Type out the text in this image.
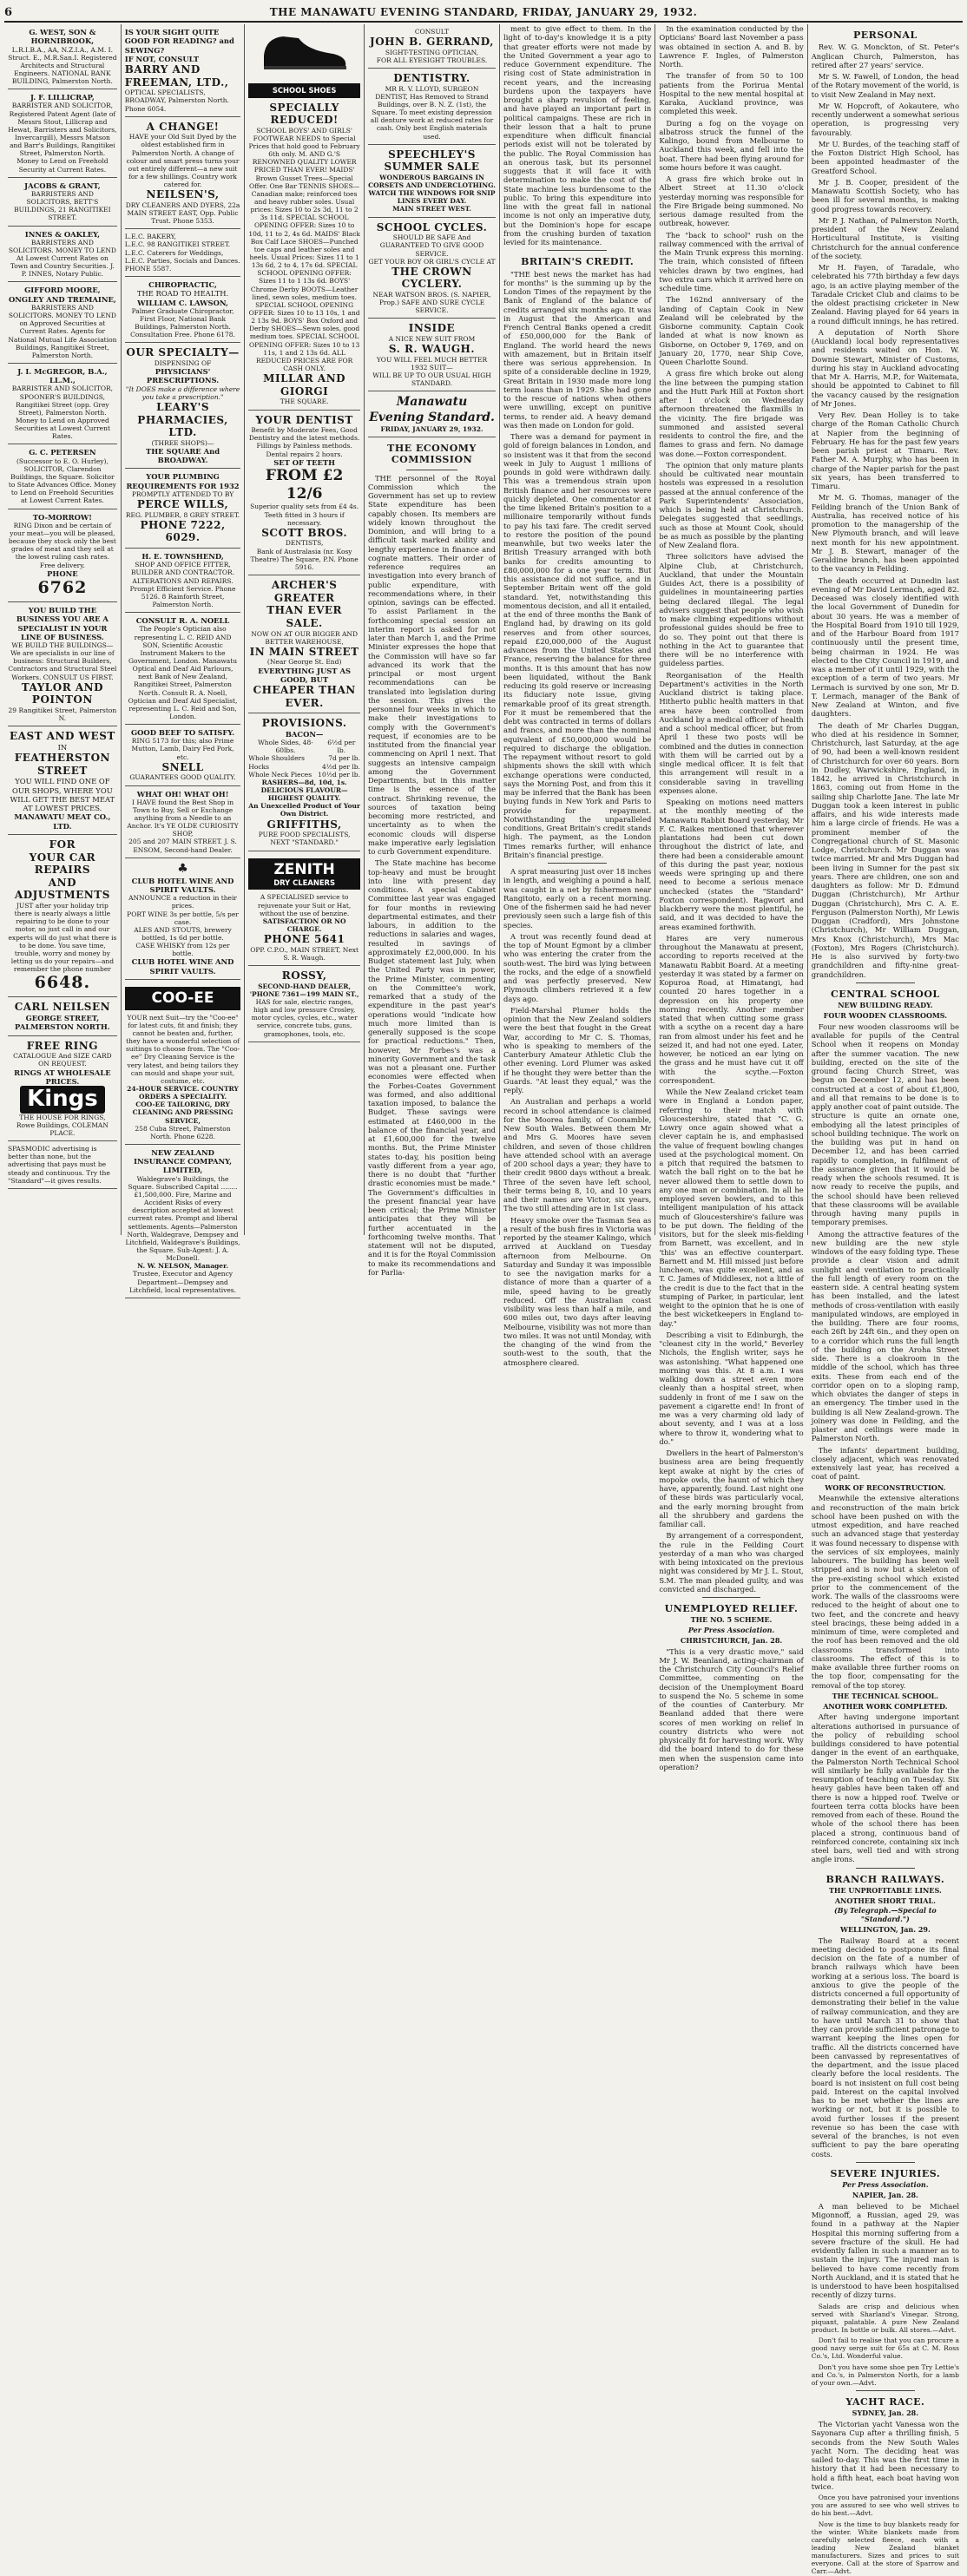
6	THE MANAWATU EVENING STANDARD, FRIDAY, JANUARY 29, 1932.
G. WEST, SON & HORNIBROOK,
L.R.I.B.A., AA, N.Z.I.A., A.M. I. Struct. E., M.R.San.I. Registered Architects and Structural Engineers. NATIONAL BANK BUILDING, Palmerston North.
J. F. LILLICRAP,
BARRISTER AND SOLICITOR, Registered Patent Agent (late of Messrs Stout, Lillicrap and Hewat, Barristers and Solicitors, Invercargill), Messrs Matson and Barr's Buildings, Rangitikei Street, Palmerston North. Money to Lend on Freehold Security at Current Rates.
JACOBS & GRANT,
BARRISTERS AND SOLICITORS, BETT'S BUILDINGS, 21 RANGITIKEI STREET.
INNES & OAKLEY,
BARRISTERS AND SOLICITORS. MONEY TO LEND At Lowest Current Rates on Town and Country Securities. J. P. INNES, Notary Public.
GIFFORD MOORE, ONGLEY AND TREMAINE,
BARRISTERS AND SOLICITORS. MONEY TO LEND on Approved Securities at Current Rates. Agents for National Mutual Life Association Buildings, Rangitikei Street, Palmerston North.
J. I. McGREGOR, B.A., LL.M.,
BARRISTER AND SOLICITOR, SPOONER'S BUILDINGS, Rangitikei Street (opp. Grey Street), Palmerston North. Money to Lend on Approved Securities at Lowest Current Rates.
G. C. PETERSEN
(Successor to E. O. Hurley), SOLICITOR, Clarendon Buildings, the Square. Solicitor to State Advances Office. Money to Lend on Freehold Securities at Lowest Current Rates.
TO-MORROW!
RING Dixon and be certain of your meat—you will be pleased, because they stock only the best grades of meat and they sell at the lowest ruling cash rates. Free delivery.
PHONE
6762
YOU BUILD THE BUSINESS YOU ARE A SPECIALIST IN YOUR LINE OF BUSINESS.
WE BUILD THE BUILDINGS—We are specialists in our line of business: Structural Builders, Contractors and Structural Steel Workers. CONSULT US FIRST.
TAYLOR AND POINTON
29 Rangitikei Street, Palmerston N.
EAST AND WEST
IN
FEATHERSTON STREET
YOU WILL FIND ONE OF OUR SHOPS, WHERE YOU WILL GET THE BEST MEAT AT LOWEST PRICES.
MANAWATU MEAT CO., LTD.
FOR
YOUR CAR REPAIRS
AND ADJUSTMENTS
JUST after your holiday trip there is nearly always a little repairing to be done to your motor, so just call in and our experts will do just what there is to be done. You save time, trouble, worry and money by letting us do your repairs—and remember the phone number
6648.
CARL NEILSEN
GEORGE STREET,
PALMERSTON NORTH.
FREE RING
CATALOGUE And SIZE CARD ON REQUEST.
RINGS AT WHOLESALE PRICES.
Kings
THE HOUSE FOR RINGS,
Rowe Buildings, COLEMAN PLACE.
SPASMODIC advertising is better than none, but the advertising that pays must be steady and continuous. Try the "Standard"—it gives results.
IS YOUR SIGHT QUITE GOOD FOR READING? and SEWING?
IF NOT, CONSULT
BARRY AND FREEMAN, LTD.,
OPTICAL SPECIALISTS, BROADWAY, Palmerston North. Phone 6054.
A CHANGE!
HAVE your Old Suit Dyed by the oldest established firm in Palmerston North. A change of colour and smart press turns your out entirely different—a new suit for a few shillings. Country work catered for.
NEILSEN'S,
DRY CLEANERS AND DYERS, 22a MAIN STREET EAST, Opp. Public Trust. Phone 5353.
L.E.C. BAKERY,
L.E.C. 98 RANGITIKEI STREET.
L.E.C. Caterers for Weddings,
L.E.C. Parties, Socials and Dances.
PHONE 5587.
CHIROPRACTIC,
THE ROAD TO HEALTH.
WILLIAM C. LAWSON,
Palmer Graduate Chiropractor, First Floor, National Bank Buildings, Palmerston North. Consultation Free. Phone 6178.
OUR SPECIALTY—
DISPENSING OF
PHYSICIANS' PRESCRIPTIONS.
"It DOES make a difference where you take a prescription."
LEARY'S PHARMACIES, LTD.
(THREE SHOPS)—
THE SQUARE And BROADWAY.
YOUR PLUMBING REQUIREMENTS FOR 1932
PROMPTLY ATTENDED TO BY
PERCE WILLS,
REG. PLUMBER, 8 GREY STREET.
PHONE 7222, 6029.
H. E. TOWNSHEND,
SHOP AND OFFICE FITTER, BUILDER AND CONTRACTOR.
ALTERATIONS AND REPAIRS. Prompt Efficient Service. Phone 5126. 8 Rainforth Street, Palmerston North.
CONSULT R. A. NOELL
The People's Optician also representing L. C. REID AND SON, Scientific Acoustic Instrument Makers to the Government, London. Manawatu Optical and Deaf Aid Parlours, next Bank of New Zealand, Rangitikei Street, Palmerston North. Consult R. A. Noell, Optician and Deaf Aid Specialist, representing L. C. Reid and Son, London.
GOOD BEEF TO SATISFY.
RING 5173 for this; also Prime Mutton, Lamb, Dairy Fed Pork, etc.
SNELL
GUARANTEES GOOD QUALITY.
WHAT OH! WHAT OH!
I HAVE found the Best Shop in Town to Buy, Sell or Exchange anything from a Needle to an Anchor. It's YE OLDE CURIOSITY SHOP,
205 and 207 MAIN STREET. J. S. ENSOM, Second-hand Dealer.
♣
CLUB HOTEL WINE AND SPIRIT VAULTS.
ANNOUNCE a reduction in their prices.
PORT WINE 3s per bottle, 5/s per case.
ALES AND STOUTS, brewery bottled, 1s 6d per bottle.
CASE WHISKY from 12s per bottle.
CLUB HOTEL WINE AND SPIRIT VAULTS.
COO-EE
YOUR next Suit—try the "Coo-ee" for latest cuts, fit and finish; they cannot be beaten and, further, they have a wonderful selection of suitings to choose from. The "Coo-ee" Dry Cleaning Service is the very latest, and being tailors they can mould and shape your suit, costume, etc.
24-HOUR SERVICE. COUNTRY ORDERS A SPECIALITY.
COO-EE TAILORING, DRY CLEANING AND PRESSING SERVICE,
258 Cuba Street, Palmerston North. Phone 6228.
NEW ZEALAND INSURANCE COMPANY, LIMITED,
Waldegrave's Buildings, the Square. Subscribed Capital ........ £1,500,000. Fire, Marine and Accident Risks of every description accepted at lowest current rates. Prompt and liberal settlements. Agents—Palmerston North, Waldegrave, Dempsey and Litchfield, Waldegrave's Buildings, the Square. Sub-Agent: J. A. McDonell.
N. W. NELSON, Manager.
Trustee, Executor and Agency Department—Dempsey and Litchfield, local representatives.
SCHOOL SHOES
SPECIALLY REDUCED!
SCHOOL BOYS' AND GIRLS' FOOTWEAR NEEDS to Special Prices that hold good to February 6th only. M. AND G.'S RENOWNED QUALITY LOWER PRICED THAN EVER! MAIDS' Brown Gusset Trees—Special Offer. One Bar TENNIS SHOES—Canadian make; reinforced toes and heavy rubber soles. Usual prices: Sizes 10 to 2s 3d, 11 to 2 3s 11d. SPECIAL SCHOOL OPENING OFFER: Sizes 10 to 10d, 11 to 2, 4s 6d. MAIDS' Black Box Calf Lace SHOES—Punched toe caps and leather soles and heels. Usual Prices: Sizes 11 to 1 13s 6d, 2 to 4, 17s 6d. SPECIAL SCHOOL OPENING OFFER: Sizes 11 to 1 13s 6d. BOYS' Chrome Derby BOOTS—Leather lined, sewn soles, medium toes. SPECIAL SCHOOL OPENING OFFER: Sizes 10 to 13 10s, 1 and 2 13s 9d. BOYS' Box Oxford and Derby SHOES—Sewn soles, good medium toes. SPECIAL SCHOOL OPENING OFFER: Sizes 10 to 13 11s, 1 and 2 13s 6d. ALL REDUCED PRICES ARE FOR CASH ONLY.
MILLAR AND GIORGI
THE SQUARE.
YOUR DENTIST
Benefit by Moderate Fees, Good Dentistry and the latest methods. Fillings by Painless methods. Dental repairs 2 hours.
SET OF TEETH
FROM £2 12/6
Superior quality sets from £4 4s. Teeth fitted in 3 hours if necessary.
SCOTT BROS.
DENTISTS,
Bank of Australasia (nr. Kosy Theatre) The Square, P.N. Phone 5916.
ARCHER'S GREATER
THAN EVER SALE.
NOW ON AT OUR BIGGER AND BETTER WAREHOUSE,
IN MAIN STREET
(Near George St. End)
EVERYTHING JUST AS
GOOD, BUT
CHEAPER THAN EVER.
PROVISIONS.
BACON—
Whole Sides, 48-60lbs.
6½d per lb.
Whole Shoulders	7d per lb.
Hocks	4½d per lb.
Whole Neck Pieces 10½d per lb.
RASHERS—8d, 10d, 1s.
DELICIOUS FLAVOUR—
HIGHEST QUALITY.
An Unexcelled Product of Your Own District.
GRIFFITHS,
PURE FOOD SPECIALISTS, NEXT "STANDARD."
ZENITH
DRY CLEANERS
A SPECIALISED service to rejuvenate your Suit or Hat, without the use of benzine.
SATISFACTION OR NO CHARGE.
PHONE 5641
OPP. C.P.O., MAIN STREET, Next S. R. Waugh.
ROSSY,
SECOND-HAND DEALER, 'PHONE 7361—199 MAIN ST.,
HAS for sale, electric ranges, high and low pressure Crosley, motor cycles, cycles, etc., water service, concrete tubs, guns, gramophones, tools, etc.
CONSULT
JOHN B. GERRAND,
SIGHT-TESTING OPTICIAN,
FOR ALL EYESIGHT TROUBLES.
DENTISTRY.
MR R. V. LLOYD, SURGEON DENTIST, Has Removed to Strand Buildings, over B. N. Z. (1st), the Square. To meet existing depression all denture work at reduced rates for cash. Only best English materials used.
SPEECHLEY'S SUMMER SALE
WONDEROUS BARGAINS IN CORSETS AND UNDERCLOTHING.
WATCH THE WINDOWS FOR SNIP LINES EVERY DAY.
MAIN STREET WEST.
SCHOOL CYCLES.
SHOULD BE SAFE And GUARANTEED TO GIVE GOOD SERVICE.
GET YOUR BOY OR GIRL'S CYCLE AT
THE CROWN CYCLERY.
NEAR WATSON BROS. (S. NAPIER, Prop.) SAFE AND SURE CYCLE SERVICE.
INSIDE
A NICE NEW SUIT FROM
S. R. WAUGH.
YOU WILL FEEL MUCH BETTER
1932 SUIT—
WILL BE UP TO OUR USUAL HIGH STANDARD.
Manawatu
Evening Standard.
FRIDAY, JANUARY 29, 1932.
THE ECONOMY COMMISSION

THE personnel of the Royal Commission which the Government has set up to review State expenditure has been capably chosen. Its members are widely known throughout the Dominion, and will bring to a difficult task marked ability and lengthy experience in finance and cognate matters. Their order of reference requires an investigation into every branch of public expenditure, with recommendations where, in their opinion, savings can be effected. To assist Parliament in the forthcoming special session an interim report is asked for not later than March 1, and the Prime Minister expresses the hope that the Commission will have so far advanced its work that the principal or most urgent recommendations can be translated into legislation during the session. This gives the personnel four weeks in which to make their investigations to comply with the Government's request, if economies are to be instituted from the financial year commencing on April 1 next. That suggests an intensive campaign among the Government Departments, but in this matter time is the essence of the contract. Shrinking revenue, the sources of taxation being becoming more restricted, and uncertainty as to when the economic clouds will disperse make imperative early legislation to curb Government expenditure.

The State machine has become top-heavy and must be brought into line with present day conditions. A special Cabinet Committee last year was engaged for four months in reviewing departmental estimates, and their labours, in addition to the reductions in salaries and wages, resulted in savings of approximately £2,000,000. In his Budget statement last July, when the United Party was in power, the Prime Minister, commenting on the Committee's work, remarked that a study of the expenditure in the past year's operations would "indicate how much more limited than is generally supposed is the scope for practical reductions." Then, however, Mr Forbes's was a minority Government and the task was not a pleasant one. Further economies were effected when the Forbes-Coates Government was formed, and also additional taxation imposed, to balance the Budget. These savings were estimated at £460,000 in the balance of the financial year, and at £1,600,000 for the twelve months. But, the Prime Minister states to-day, his position being vastly different from a year ago, there is no doubt that "further drastic economies must be made." The Government's difficulties in the present financial year have been critical; the Prime Minister anticipates that they will be further accentuated in the forthcoming twelve months. That statement will not be disputed, and it is for the Royal Commission to make its recommendations and for Parlia-

ment to give effect to them. In the light of to-day's knowledge it is a pity that greater efforts were not made by the United Government a year ago to reduce Government expenditure. The rising cost of State administration in recent years, and the increasing burdens upon the taxpayers have brought a sharp revulsion of feeling, and have played an important part in political campaigns. These are rich in their lesson that a halt to prune expenditure when difficult financial periods exist will not be tolerated by the public. The Royal Commission has an onerous task, but its personnel suggests that it will face it with determination to make the cost of the State machine less burdensome to the public. To bring this expenditure into line with the great fall in national income is not only an imperative duty, but the Dominion's hope for escape from the crushing burden of taxation levied for its maintenance.

BRITAIN'S CREDIT.

"THE best news the market has had for months" is the summing up by the London Times of the repayment by the Bank of England of the balance of credits arranged six months ago. It was in August that the American and French Central Banks opened a credit of £50,000,000 for the Bank of England. The world heard the news with amazement, but in Britain itself there was serious apprehension. In spite of a considerable decline in 1929, Great Britain in 1930 made more long term loans than in 1929. She had gone to the rescue of nations when others were unwilling, except on punitive terms, to render aid. A heavy demand was then made on London for gold.

There was a demand for payment in gold of foreign balances in London, and so insistent was it that from the second week in July to August 1 millions of pounds in gold were withdrawn daily. This was a tremendous strain upon British finance and her resources were quickly depleted. One commentator at the time likened Britain's position to a millionaire temporarily without funds to pay his taxi fare. The credit served to restore the position of the pound meanwhile, but two weeks later the British Treasury arranged with both banks for credits amounting to £80,000,000 for a one year term. But this assistance did not suffice, and in September Britain went off the gold standard. Yet, notwithstanding this momentous decision, and all it entailed, at the end of three months the Bank of England had, by drawing on its gold reserves and from other sources, repaid £20,000,000 of the August advances from the United States and France, reserving the balance for three months. It is this amount that has now been liquidated, without the Bank reducing its gold reserve or increasing its fiduciary note issue, giving remarkable proof of its great strength. For it must be remembered that the debt was contracted in terms of dollars and francs, and more than the nominal equivalent of £50,000,000 would be required to discharge the obligation. The repayment without resort to gold shipments shows the skill with which exchange operations were conducted, says the Morning Post, and from this it may be inferred that the Bank has been buying funds in New York and Paris to provide for repayment. Notwithstanding the unparalleled conditions, Great Britain's credit stands high. The payment, as the London Times remarks further, will enhance Britain's financial prestige.

A sprat measuring just over 18 inches in length, and weighing a pound a half, was caught in a net by fishermen near Rangitoto, early on a recent morning. One of the fishermen said he had never previously seen such a large fish of this species.

A trout was recently found dead at the top of Mount Egmont by a climber who was entering the crater from the south-west. The bird was lying between the rocks, and the edge of a snowfield and was perfectly preserved. New Plymouth climbers retrieved it a few days ago.

Field-Marshal Plumer holds the opinion that the New Zealand soldiers were the best that fought in the Great War, according to Mr C. S. Thomas, who is speaking to members of the Canterbury Amateur Athletic Club the other evening. Lord Plumer was asked if he thought they were better than the Guards. "At least they equal," was the reply.

An Australian and perhaps a world record in school attendance is claimed for the Moorea family, of Coonamble, New South Wales. Between them Mr and Mrs G. Moores have seven children, and seven of those children have attended school with an average of 200 school days a year; they have to their credit 9800 days without a break. Three of the seven have left school, their terms being 8, 10, and 10 years and their names are Victor, six years, The two still attending are in 1st class.

Heavy smoke over the Tasman Sea as a result of the bush fires in Victoria was reported by the steamer Kalingo, which arrived at Auckland on Tuesday afternoon from Melbourne. On Saturday and Sunday it was impossible to see the navigation marks for a distance of more than a quarter of a mile, speed having to be greatly reduced. Off the Australian coast visibility was less than half a mile, and 600 miles out, two days after leaving Melbourne, visibility was not more than two miles. It was not until Monday, with the changing of the wind from the south-west to the south, that the atmosphere cleared.

In the examination conducted by the Opticians' Board last November a pass was obtained in section A. and B. by Lawrence F. Ingles, of Palmerston North.

The transfer of from 50 to 100 patients from the Porirua Mental Hospital to the new mental hospital at Karaka, Auckland province, was completed this week.

During a fog on the voyage on albatross struck the funnel of the Kalingo, bound from Melbourne to Auckland this week, and fell into the boat. There had been flying around for some hours before it was caught.

A grass fire which broke out in Albert Street at 11.30 o'clock yesterday morning was responsible for the Fire Brigade being summoned. No serious damage resulted from the outbreak, however.

The "back to school" rush on the railway commenced with the arrival of the Main Trunk express this morning. The train, which consisted of fifteen vehicles drawn by two engines, had two extra cars which it arrived here on schedule time.

The 162nd anniversary of the landing of Captain Cook in New Zealand will be celebrated by the Gisborne community. Captain Cook landed at what is now known as Gisborne, on October 9, 1769, and on January 20, 1770, near Ship Cove, Queen Charlotte Sound.

A grass fire which broke out along the line between the pumping station and the Hutt Park Hill at Foxton short after 1 o'clock on Wednesday afternoon threatened the flaxmills in the vicinity. The fire brigade was summoned and assisted several residents to control the fire, and the flames to grass and fern. No damage was done.—Foxton correspondent.

The opinion that only mature plants should be cultivated near mountain hostels was expressed in a resolution passed at the annual conference of the Park Superintendents' Association, which is being held at Christchurch. Delegates suggested that seedlings, such as those at Mount Cook, should be as much as possible by the planting of New Zealand flora.

Three solicitors have advised the Alpine Club, at Christchurch, Auckland, that under the Mountain Guides Act, there is a possibility of guidelines in mountaineering parties being declared illegal. The legal advisers suggest that people who wish to make climbing expeditions without professional guides should be free to do so. They point out that there is nothing in the Act to guarantee that there will be no interference with guideless parties.

Reorganisation of the Health Department's activities in the North Auckland district is taking place. Hitherto public health matters in that area have been controlled from Auckland by a medical officer of health and a school medical officer, but from April 1 these two posts will be combined and the duties in connection with them will be carried out by a single medical officer. It is felt that this arrangement will result in a considerable saving in travelling expenses alone.

Speaking on motions need matters at the monthly meeting of the Manawatu Rabbit Board yesterday, Mr F. C. Raikes mentioned that wherever plantations had been cut down throughout the district of late, and there had been a considerable amount of this during the past year, noxious weeds were springing up and there need to become a serious menace unchecked (states the "Standard" Foxton correspondent). Ragwort and blackberry were the most plentiful, he said, and it was decided to have the areas examined forthwith.

Hares are very numerous throughout the Manawatu at present, according to reports received at the Manawatu Rabbit Board. At a meeting yesterday it was stated by a farmer on Kopuroa Road, at Himatangi, had counted 20 hares together in a depression on his property one morning recently. Another member stated that when cutting some grass with a scythe on a recent day a hare ran from almost under his feet and he seized it, and had not one eyed. Later, however, he noticed an ear lying on the grass and he must have cut it off with the scythe.—Foxton correspondent.

While the New Zealand cricket team were in England a London paper, referring to their match with Gloucestershire, stated that "C. G. Lowry once again showed what a clever captain he is, and emphasised the value of frequent bowling changes used at the psychological moment. On a pitch that required the batsmen to watch the ball right on to the bat he never allowed them to settle down to any one man or combination. In all he employed seven bowlers, and to this intelligent manipulation of his attack much of Gloucestershire's failure was to be put down. The fielding of the visitors, but for the sleek mis-fielding from Barnett, was excellent, and in 'this' was an effective counterpart. Barnett and M. Hill missed just before luncheon, was quite excellent, and as T. C. James of Middlesex, not a little of the credit is due to the fact that in the stumping of Parker, in particular, lent weight to the opinion that he is one of the best wicketkeepers in England to-day."

Describing a visit to Edinburgh, the "cleanest city in the world," Beverley Nichols, the English writer, says he was astonishing. "What happened one morning was this. At 8 a.m. I was walking down a street even more cleanly than a hospital street, when suddenly in front of me I saw on the pavement a cigarette end! In front of me was a very charming old lady of about seventy, and I was at a loss where to throw it, wondering what to do."

Dwellers in the heart of Palmerston's business area are being frequently kept awake at night by the cries of mopoke owls, the haunt of which they have, apparently, found. Last night one of these birds was particularly vocal, and the early morning brought from all the shrubbery and gardens the familiar call.

By arrangement of a correspondent, the rule in the Feilding Court yesterday of a man who was charged with being intoxicated on the previous night was considered by Mr J. L. Stout, S.M. The man pleaded guilty, and was convicted and discharged.

UNEMPLOYED RELIEF.
THE NO. 5 SCHEME.
Per Press Association.
CHRISTCHURCH, Jan. 28.

"This is a very drastic move," said Mr J. W. Beanland, acting-chairman of the Christchurch City Council's Relief Committee, commenting on the decision of the Unemployment Board to suspend the No. 5 scheme in some of the counties of Canterbury. Mr Beanland added that there were scores of men working on relief in country districts who were not physically fit for harvesting work. Why did the board intend to do for these men when the suspension came into operation?

PERSONAL

Rev. W. G. Monckton, of St. Peter's Anglican Church, Palmerston, has retired after 27 years' service.

Mr S. W. Fawell, of London, the head of the Rotary movement of the world, is to visit New Zealand in May next.

Mr W. Hopcroft, of Aokautere, who recently underwent a somewhat serious operation, is progressing very favourably.

Mr U. Burdes, of the teaching staff of the Foxton District High School, has been appointed headmaster of the Greatford School.

Mr J. B. Cooper, president of the Manawatu Scottish Society, who has been ill for several months, is making good progress towards recovery.

Mr P. J. Nathan, of Palmerston North, president of the New Zealand Horticultural Institute, is visiting Christchurch for the annual conference of the society.

Mr H. Fayen, of Taradale, who celebrated his 77th birthday a few days ago, is an active playing member of the Taradale Cricket Club and claims to be the oldest practising cricketer in New Zealand. Having played for 64 years in a round difficult innings, he has retired.

A deputation of North Shore (Auckland) local body representatives and residents waited on Hon. W. Downie Stewart, Minister of Customs, during his stay in Auckland advocating that Mr A. Harris, M.P., for Waitemata, should be appointed to Cabinet to fill the vacancy caused by the resignation of Mr Jones.

Very Rev. Dean Holley is to take charge of the Roman Catholic Church at Napier from the beginning of February. He has for the past few years been parish priest at Timaru. Rev. Father M. A. Murphy, who has been in charge of the Napier parish for the past six years, has been transferred to Timaru.

Mr M. G. Thomas, manager of the Feilding branch of the Union Bank of Australia, has received notice of his promotion to the managership of the New Plymouth branch, and will leave next month for his new appointment. Mr J. B. Stewart, manager of the Geraldine branch, has been appointed to the vacancy in Feilding.

The death occurred at Dunedin last evening of Mr David Lermach, aged 82. Deceased was closely identified with the local Government of Dunedin for about 30 years. He was a member of the Hospital Board from 1910 till 1929, and of the Harbour Board from 1917 continuously until the present time, being chairman in 1924. He was elected to the City Council in 1919, and was a member of it until 1929, with the exception of a term of two years. Mr Lermach is survived by one son, Mr D. T. Lermach, manager of the Bank of New Zealand at Winton, and five daughters.

The death of Mr Charles Duggan, who died at his residence in Somner, Christchurch, last Saturday, at the age of 90, had been a well-known resident of Christchurch for over 60 years. Born in Dudley, Warwickshire, England, in 1842, he arrived in Christchurch in 1863, coming out from Home in the sailing ship Charlotte Jane. The late Mr Duggan took a keen interest in public affairs, and his wide interests made him a large circle of friends. He was a prominent member of the Congregational church of St. Masonic Lodge, Christchurch. Mr Duggan was twice married. Mr and Mrs Duggan had been living in Sumner for the past six years. There are children, one son and daughters as follow: Mr D. Edmund Duggan (Christchurch), Mr Arthur Duggan (Christchurch), Mrs C. A. E. Ferguson (Palmerston North), Mr Lewis Duggan (Cradford), Mrs Johnstone (Christchurch), Mr William Duggan, Mrs Knox (Christchurch), Mrs Mac (Foxton), Mrs Rogers (Christchurch). He is also survived by forty-two grandchildren and fifty-nine great-grandchildren.

CENTRAL SCHOOL
NEW BUILDING READY.
FOUR WOODEN CLASSROOMS.

Four new wooden classrooms will be available for pupils of the Central School when it reopens on Monday after the summer vacation. The new building, erected on the site of the ground facing Church Street, was begun on December 12, and has been constructed at a cost of about £1,800, and all that remains to be done is to apply another coat of paint outside. The structure is quite an ornate one, embodying all the latest principles of school building technique. The work on the building was put in hand on December 12, and has been carried rapidly to completion, in fulfilment of the assurance given that it would be ready when the schools resumed. It is now ready to receive the pupils, and the school should have been relieved that these classrooms will be available through having many pupils in temporary premises.

Among the attractive features of the new building are the new style windows of the easy folding type. These provide a clear vision and admit sunlight and ventilation to practically the full length of every room on the eastern side. A central heating system has been installed, and the latest methods of cross-ventilation with easily manipulated windows, are employed in the building. There are four rooms, each 26ft by 24ft 6in., and they open on to a corridor which runs the full length of the building on the Aroha Street side. There is a cloakroom in the middle of the school, which has three exits. These from each end of the corridor open on to a sloping ramp, which obviates the danger of steps in an emergency. The timber used in the building is all New Zealand-grown. The joinery was done in Feilding, and the plaster and ceilings were made in Palmerston North.

The infants' department building, closely adjacent, which was renovated extensively last year, has received a coat of paint.

WORK OF RECONSTRUCTION.

Meanwhile the extensive alterations and reconstruction of the main brick school have been pushed on with the utmost expedition, and have reached such an advanced stage that yesterday it was found necessary to dispense with the services of six employees, mainly labourers. The building has been well stripped and is now but a skeleton of the pre-existing school which existed prior to the commencement of the work. The walls of the classrooms were reduced to the height of about one to two feet, and the concrete and heavy steel bracings, these being added in a minimum of time, were completed and the roof has been removed and the old classrooms transformed into classrooms. The effect of this is to make available three further rooms on the top floor, compensating for the removal of the top storey.

THE TECHNICAL SCHOOL.
ANOTHER WORK COMPLETED.

After having undergone important alterations authorised in pursuance of the policy of rebuilding school buildings considered to have potential danger in the event of an earthquake, the Palmerston North Technical School will similarly be fully available for the resumption of teaching on Tuesday. Six heavy gables have been taken off and there is now a hipped roof. Twelve or fourteen terra cotta blocks have been removed from each of these. Round the whole of the school there has been placed a strong, continuous band of reinforced concrete, containing six inch steel bars, well tied and with strong angle irons.

BRANCH RAILWAYS.
THE UNPROFITABLE LINES.
ANOTHER SHORT TRIAL.
(By Telegraph.—Special to "Standard.")
WELLINGTON, Jan. 29.

The Railway Board at a recent meeting decided to postpone its final decision on the fate of a number of branch railways which have been working at a serious loss. The board is anxious to give the people of the districts concerned a full opportunity of demonstrating their belief in the value of railway communication, and they are to have until March 31 to show that they can provide sufficient patronage to warrant keeping the lines open for traffic. All the districts concerned have been canvassed by representatives of the department, and the issue placed clearly before the local residents. The board is not insistent on full cost being paid. Interest on the capital involved has to be met whether the lines are working or not, but it is possible to avoid further losses if the present revenue so has been the case with several of the branches, is not even sufficient to pay the bare operating costs.

SEVERE INJURIES.
Per Press Association.
NAPIER, Jan. 28.

A man believed to be Michael Migonnoff, a Russian, aged 29, was found in a pathway at the Napier Hospital this morning suffering from a severe fracture of the skull. He had evidently fallen in such a manner as to sustain the injury. The injured man is believed to have come recently from North Auckland, and it is stated that he is understood to have been hospitalised recently of dizzy turns.

Salads are crisp and delicious when served with Sharland's Vinegar. Strong, piquant, palatable. A pure New Zealand product. In bottle or bulk. All stores.—Advt.

Don't fail to realise that you can procure a good navy serge suit for 65s at C. M. Ross Co.'s, Ltd. Wonderful value.

Don't you have some shoe pen Try Lettie's and Co.'s, in Palmerston North, for a lamb of your own.—Advt.

YACHT RACE.
SYDNEY, Jan. 28.

The Victorian yacht Vanessa won the Sayonara Cup after a thrilling finish, 5 seconds from the New South Wales yacht Norn. The deciding heat was sailed to-day. This was the first time in history that it had been necessary to hold a fifth heat, each boat having won twice.

Once you have patronised your inventions you are assured to see who well strives to do his best.—Advt.

Now is the time to buy blankets ready for the winter. White blankets made from carefully selected fleece, each with a leading New Zealand blanket manufacturers. Sizes and prices to suit everyone. Call at the store of Sparrow and Carr.—Advt.
